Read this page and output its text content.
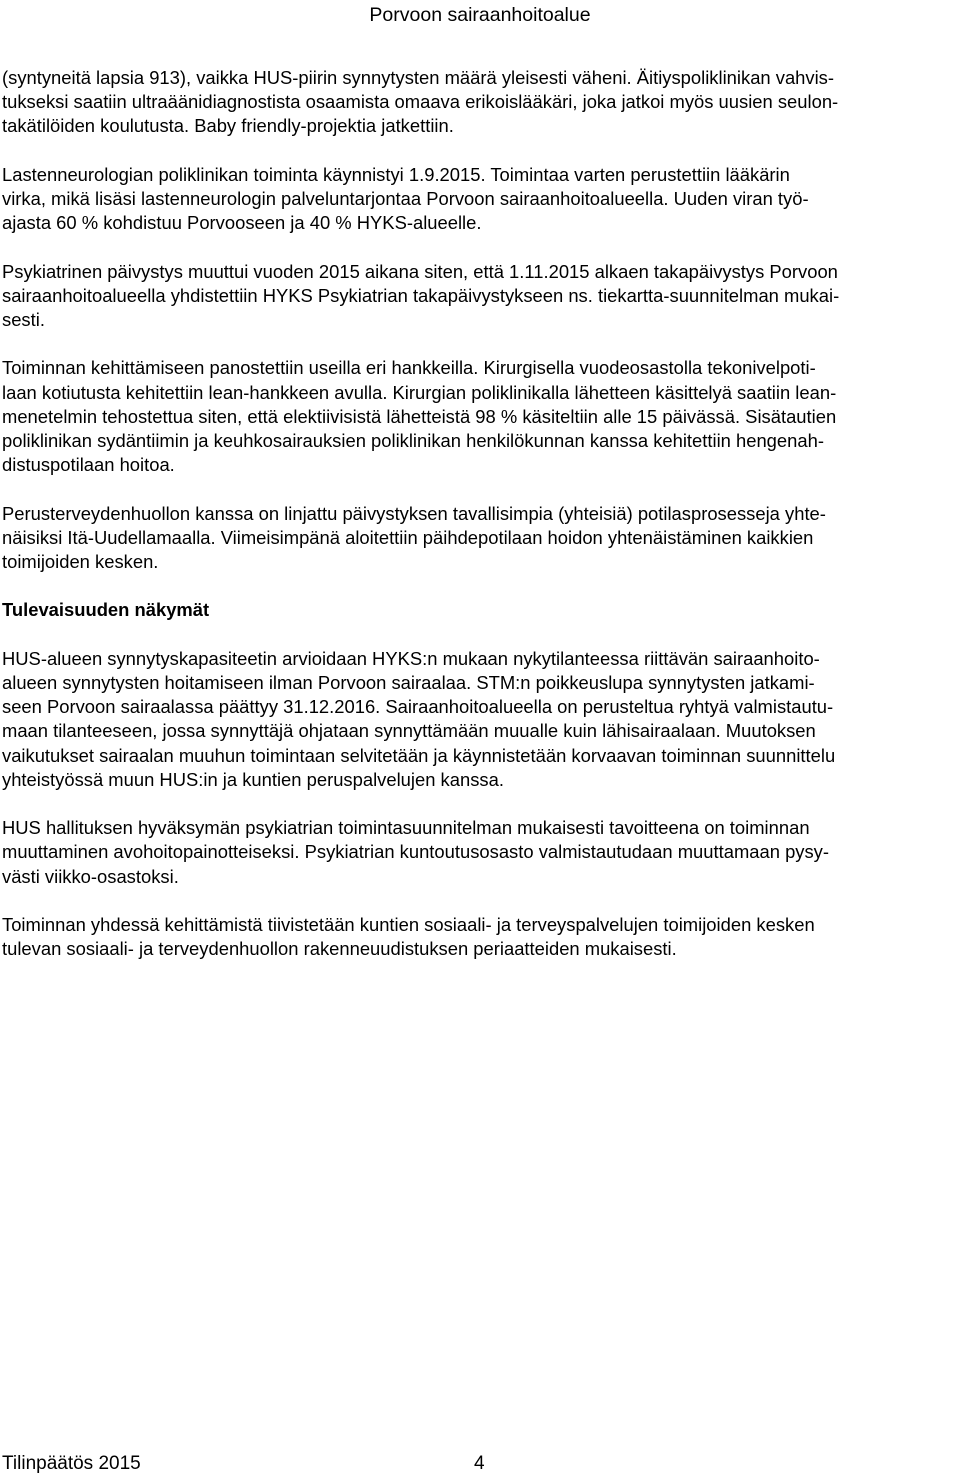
Porvoon sairaanhoitoalue
(syntyneitä lapsia 913), vaikka HUS-piirin synnytysten määrä yleisesti väheni. Äitiyspoliklinikan vahvis-
tukseksi saatiin ultraäänidiagnostista osaamista omaava erikoislääkäri, joka jatkoi myös uusien seulon-
takätilöiden koulutusta. Baby friendly-projektia jatkettiin.
Lastenneurologian poliklinikan toiminta käynnistyi 1.9.2015. Toimintaa varten perustettiin lääkärin
virka, mikä lisäsi lastenneurologin palveluntarjontaa Porvoon sairaanhoitoalueella. Uuden viran työ-
ajasta 60 % kohdistuu Porvooseen ja 40 % HYKS-alueelle.
Psykiatrinen päivystys muuttui vuoden 2015 aikana siten, että 1.11.2015 alkaen takapäivystys Porvoon
sairaanhoitoalueella yhdistettiin HYKS Psykiatrian takapäivystykseen ns. tiekartta-suunnitelman mukai-
sesti.
Toiminnan kehittämiseen panostettiin useilla eri hankkeilla. Kirurgisella vuodeosastolla tekonivelpoti-
laan kotiutusta kehitettiin lean-hankkeen avulla. Kirurgian poliklinikalla lähetteen käsittelyä saatiin lean-
menetelmin tehostettua siten, että elektiivisistä lähetteistä 98 % käsiteltiin alle 15 päivässä. Sisätautien
poliklinikan sydäntiimin ja keuhkosairauksien poliklinikan henkilökunnan kanssa kehitettiin hengenah-
distuspotilaan hoitoa.
Perusterveydenhuollon kanssa on linjattu päivystyksen tavallisimpia (yhteisiä) potilasprosesseja yhte-
näisiksi Itä-Uudellamaalla. Viimeisimpänä aloitettiin päihdepotilaan hoidon yhtenäistäminen kaikkien
toimijoiden kesken.
Tulevaisuuden näkymät
HUS-alueen synnytyskapasiteetin arvioidaan HYKS:n mukaan nykytilanteessa riittävän sairaanhoito-
alueen synnytysten hoitamiseen ilman Porvoon sairaalaa. STM:n poikkeuslupa synnytysten jatkami-
seen Porvoon sairaalassa päättyy 31.12.2016. Sairaanhoitoalueella on perusteltua ryhtyä valmistautu-
maan tilanteeseen, jossa synnyttäjä ohjataan synnyttämään muualle kuin lähisairaalaan. Muutoksen
vaikutukset sairaalan muuhun toimintaan selvitetään ja käynnistetään korvaavan toiminnan suunnittelu
yhteistyössä muun HUS:in ja kuntien peruspalvelujen kanssa.
HUS hallituksen hyväksymän psykiatrian toimintasuunnitelman mukaisesti tavoitteena on toiminnan
muuttaminen avohoitopainotteiseksi. Psykiatrian kuntoutusosasto valmistautudaan muuttamaan pysy-
västi viikko-osastoksi.
Toiminnan yhdessä kehittämistä tiivistetään kuntien sosiaali- ja terveyspalvelujen toimijoiden kesken
tulevan sosiaali- ja terveydenhuollon rakenneuudistuksen periaatteiden mukaisesti.
Tilinpäätös 2015	4
